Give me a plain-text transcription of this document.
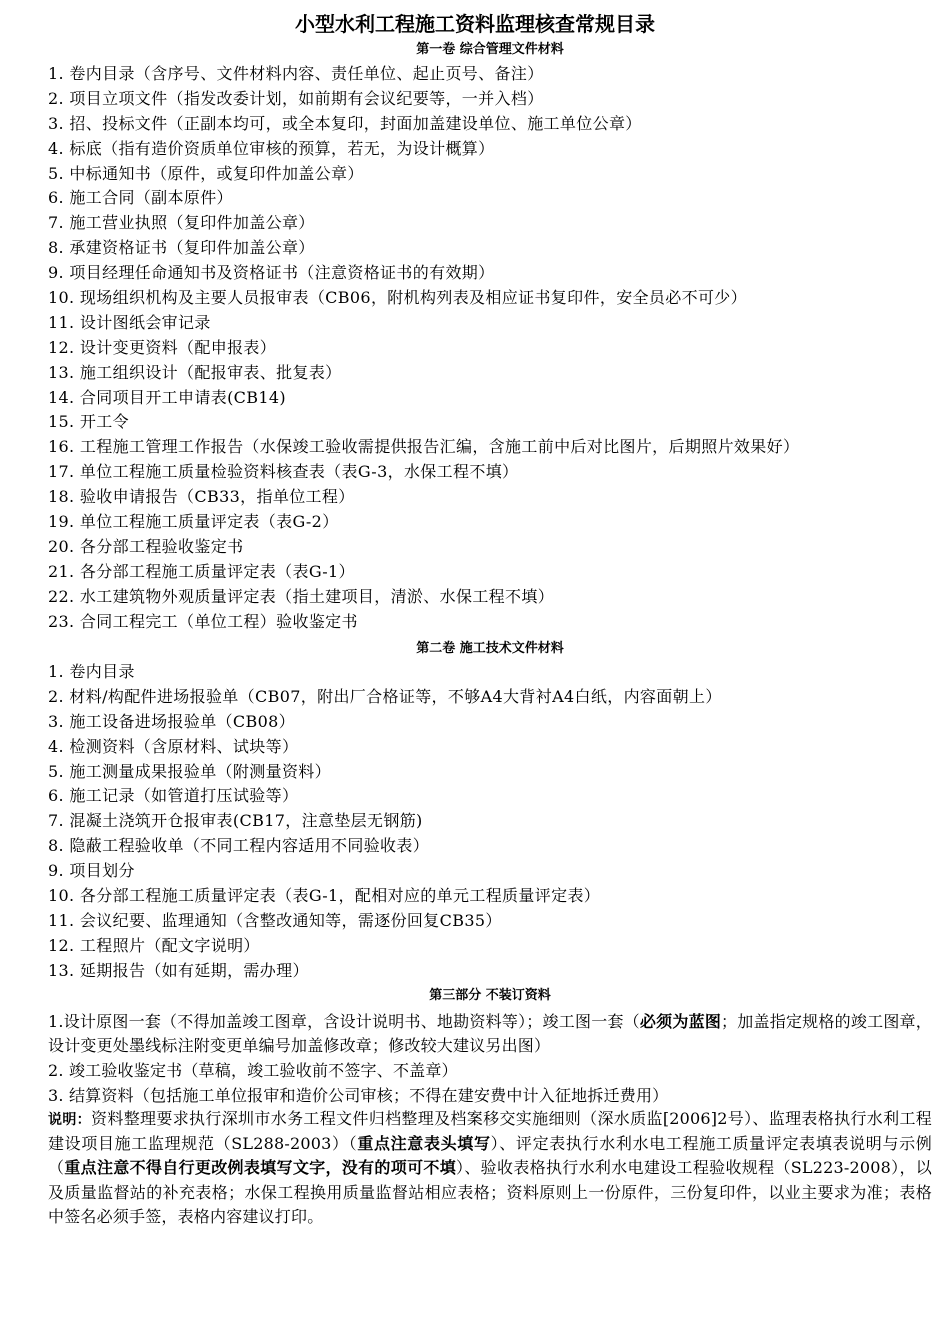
小型水利工程施工资料监理核查常规目录
第一卷 综合管理文件材料
1. 卷内目录（含序号、文件材料内容、责任单位、起止页号、备注）
2. 项目立项文件（指发改委计划，如前期有会议纪要等，一并入档）
3. 招、投标文件（正副本均可，或全本复印，封面加盖建设单位、施工单位公章）
4. 标底（指有造价资质单位审核的预算，若无，为设计概算）
5. 中标通知书（原件，或复印件加盖公章）
6. 施工合同（副本原件）
7. 施工营业执照（复印件加盖公章）
8. 承建资格证书（复印件加盖公章）
9. 项目经理任命通知书及资格证书（注意资格证书的有效期）
10. 现场组织机构及主要人员报审表（CB06，附机构列表及相应证书复印件，安全员必不可少）
11. 设计图纸会审记录
12. 设计变更资料（配申报表）
13. 施工组织设计（配报审表、批复表）
14. 合同项目开工申请表(CB14)
15. 开工令
16. 工程施工管理工作报告（水保竣工验收需提供报告汇编，含施工前中后对比图片，后期照片效果好）
17. 单位工程施工质量检验资料核查表（表G-3，水保工程不填）
18. 验收申请报告（CB33，指单位工程）
19. 单位工程施工质量评定表（表G-2）
20. 各分部工程验收鉴定书
21. 各分部工程施工质量评定表（表G-1）
22. 水工建筑物外观质量评定表（指土建项目，清淤、水保工程不填）
23. 合同工程完工（单位工程）验收鉴定书
第二卷 施工技术文件材料
1. 卷内目录
2. 材料/构配件进场报验单（CB07，附出厂合格证等，不够A4大背衬A4白纸，内容面朝上）
3. 施工设备进场报验单（CB08）
4. 检测资料（含原材料、试块等）
5. 施工测量成果报验单（附测量资料）
6. 施工记录（如管道打压试验等）
7. 混凝土浇筑开仓报审表(CB17，注意垫层无钢筋)
8. 隐蔽工程验收单（不同工程内容适用不同验收表）
9. 项目划分
10. 各分部工程施工质量评定表（表G-1，配相对应的单元工程质量评定表）
11. 会议纪要、监理通知（含整改通知等，需逐份回复CB35）
12. 工程照片（配文字说明）
13. 延期报告（如有延期，需办理）
第三部分 不装订资料

1.设计原图一套（不得加盖竣工图章，含设计说明书、地勘资料等）；竣工图一套（必须为蓝图；加盖指定规格的竣工图章，设计变更处墨线标注附变更单编号加盖修改章；修改较大建议另出图）

2. 竣工验收鉴定书（草稿，竣工验收前不签字、不盖章）

3. 结算资料（包括施工单位报审和造价公司审核；不得在建安费中计入征地拆迁费用）

说明：资料整理要求执行深圳市水务工程文件归档整理及档案移交实施细则（深水质监[2006]2号）、监理表格执行水利工程建设项目施工监理规范（SL288-2003）（重点注意表头填写）、评定表执行水利水电工程施工质量评定表填表说明与示例（重点注意不得自行更改例表填写文字，没有的项可不填）、验收表格执行水利水电建设工程验收规程（SL223-2008），以及质量监督站的补充表格；水保工程换用质量监督站相应表格；资料原则上一份原件，三份复印件，以业主要求为准；表格中签名必须手签，表格内容建议打印。
